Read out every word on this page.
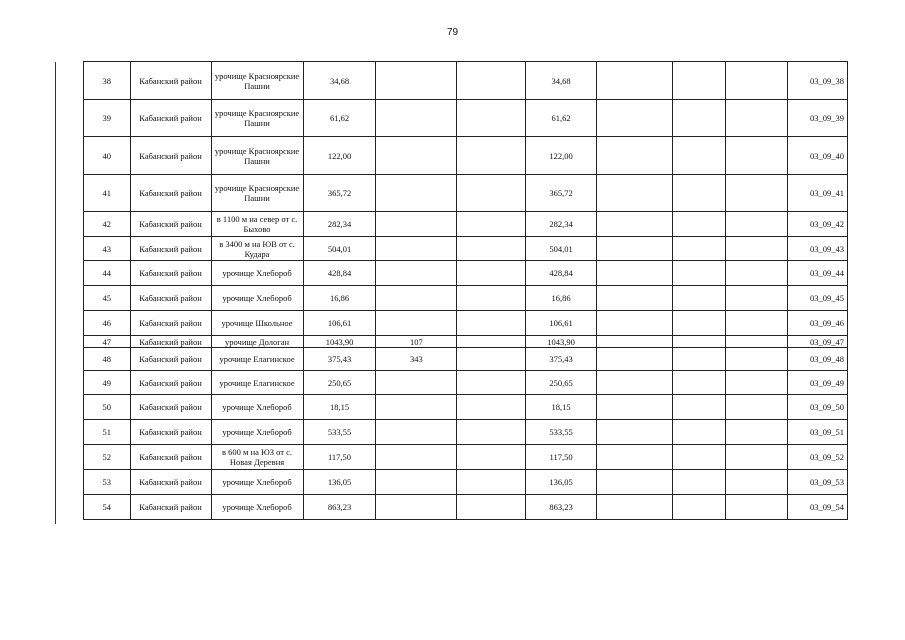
79
38	Кабанский район	урочище Красноярские Пашни	34,68			34,68				03_09_38
39	Кабанский район	урочище Красноярские Пашни	61,62			61,62				03_09_39
40	Кабанский район	урочище Красноярские Пашни	122,00			122,00				03_09_40
41	Кабанский район	урочище Красноярские Пашни	365,72			365,72				03_09_41
42	Кабанский район	в 1100 м на север от с. Быхово	282,34			282,34				03_09_42
43	Кабанский район	в 3400 м на ЮВ от с. Кудара	504,01			504,01				03_09_43
44	Кабанский район	урочище Хлебороб	428,84			428,84				03_09_44
45	Кабанский район	урочище Хлебороб	16,86			16,86				03_09_45
46	Кабанский район	урочище Школьное	106,61			106,61				03_09_46
47	Кабанский район	урочище Дологан	1043,90	107		1043,90				03_09_47
48	Кабанский район	урочище Елагинское	375,43	343		375,43				03_09_48
49	Кабанский район	урочище Елагинское	250,65			250,65				03_09_49
50	Кабанский район	урочище Хлебороб	18,15			18,15				03_09_50
51	Кабанский район	урочище Хлебороб	533,55			533,55				03_09_51
52	Кабанский район	в 600 м на ЮЗ от с. Новая Деревня	117,50			117,50				03_09_52
53	Кабанский район	урочище Хлебороб	136,05			136,05				03_09_53
54	Кабанский район	урочище Хлебороб	863,23			863,23				03_09_54
